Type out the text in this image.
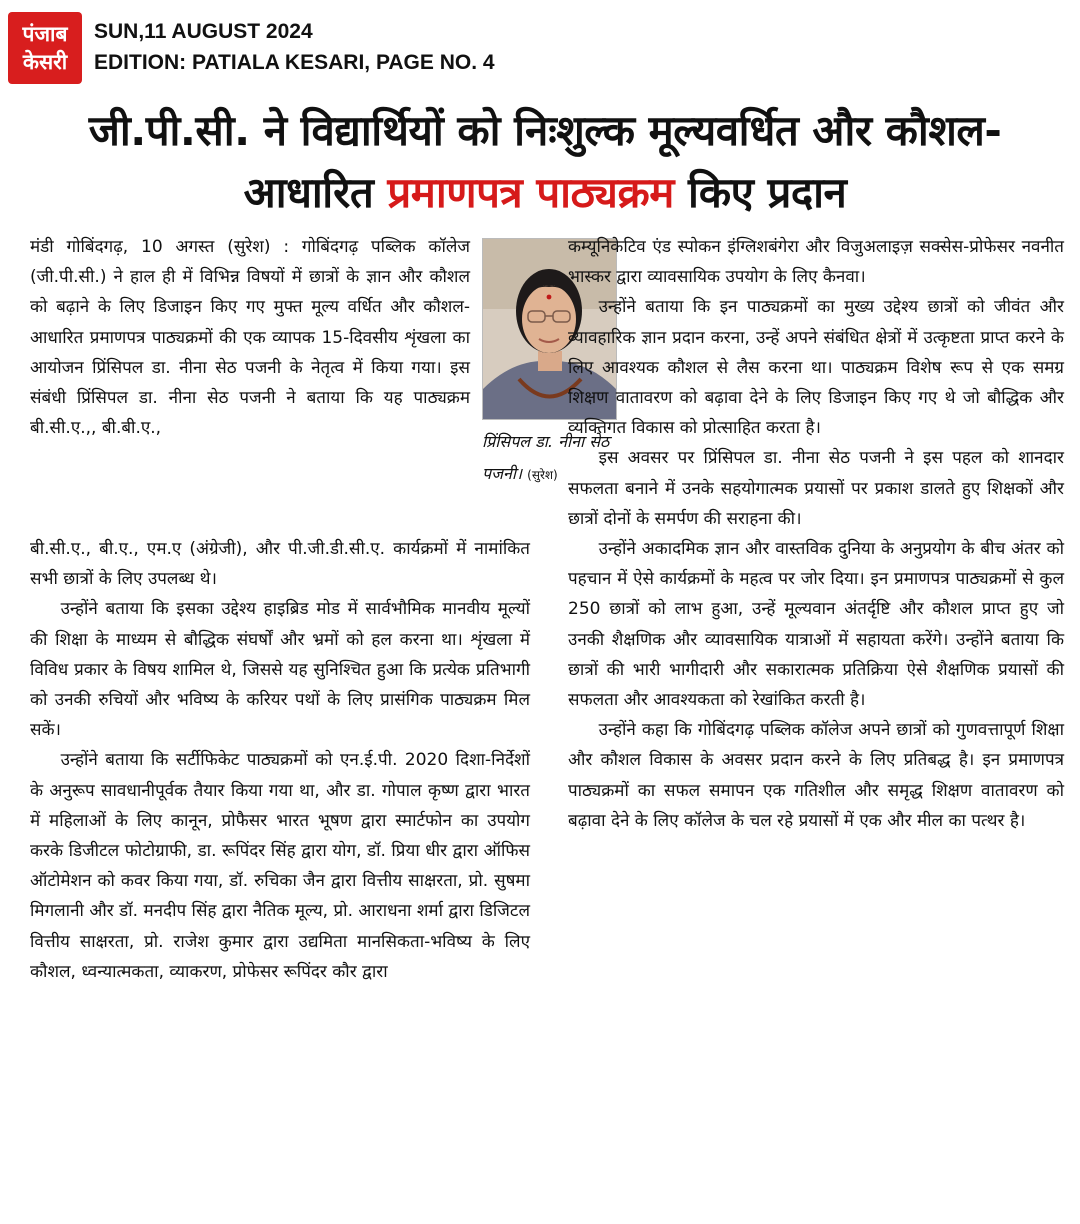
पंजाब
केसरी
SUN,11 AUGUST 2024
EDITION: PATIALA KESARI, PAGE NO. 4
जी.पी.सी. ने विद्यार्थियों को निःशुल्क मूल्यवर्धित और कौशल-आधारित प्रमाणपत्र पाठ्यक्रम किए प्रदान

मंडी गोबिंदगढ़, 10 अगस्त (सुरेश) : गोबिंदगढ़ पब्लिक कॉलेज (जी.पी.सी.) ने हाल ही में विभिन्न विषयों में छात्रों के ज्ञान और कौशल को बढ़ाने के लिए डिजाइन किए गए मुफ्त मूल्य वर्धित और कौशल-आधारित प्रमाणपत्र पाठ्यक्रमों की एक व्यापक 15-दिवसीय शृंखला का आयोजन प्रिंसिपल डा. नीना सेठ पजनी के नेतृत्व में किया गया। इस संबंधी प्रिंसिपल डा. नीना सेठ पजनी ने बताया कि यह पाठ्यक्रम बी.सी.ए.,, बी.बी.ए.,

प्रिंसिपल डा. नीना सेठ पजनी। (सुरेश)

बी.सी.ए., बी.ए., एम.ए (अंग्रेजी), और पी.जी.डी.सी.ए. कार्यक्रमों में नामांकित सभी छात्रों के लिए उपलब्ध थे।

उन्होंने बताया कि इसका उद्देश्य हाइब्रिड मोड में सार्वभौमिक मानवीय मूल्यों की शिक्षा के माध्यम से बौद्धिक संघर्षों और भ्रमों को हल करना था। शृंखला में विविध प्रकार के विषय शामिल थे, जिससे यह सुनिश्चित हुआ कि प्रत्येक प्रतिभागी को उनकी रुचियों और भविष्य के करियर पथों के लिए प्रासंगिक पाठ्यक्रम मिल सकें।

उन्होंने बताया कि सर्टीफिकेट पाठ्यक्रमों को एन.ई.पी. 2020 दिशा-निर्देशों के अनुरूप सावधानीपूर्वक तैयार किया गया था, और डा. गोपाल कृष्ण द्वारा भारत में महिलाओं के लिए कानून, प्रोफैसर भारत भूषण द्वारा स्मार्टफोन का उपयोग करके डिजीटल फोटोग्राफी, डा. रूपिंदर सिंह द्वारा योग, डॉ. प्रिया धीर द्वारा ऑफिस ऑटोमेशन को कवर किया गया, डॉ. रुचिका जैन द्वारा वित्तीय साक्षरता, प्रो. सुषमा मिगलानी और डॉ. मनदीप सिंह द्वारा नैतिक मूल्य, प्रो. आराधना शर्मा द्वारा डिजिटल वित्तीय साक्षरता, प्रो. राजेश कुमार द्वारा उद्यमिता मानसिकता-भविष्य के लिए कौशल, ध्वन्यात्मकता, व्याकरण, प्रोफेसर रूपिंदर कौर द्वारा

कम्यूनिकेटिव एंड स्पोकन इंग्लिशबंगेरा और विजुअलाइज़ सक्सेस-प्रोफेसर नवनीत भास्कर द्वारा व्यावसायिक उपयोग के लिए कैनवा।

उन्होंने बताया कि इन पाठ्यक्रमों का मुख्य उद्देश्य छात्रों को जीवंत और व्यावहारिक ज्ञान प्रदान करना, उन्हें अपने संबंधित क्षेत्रों में उत्कृष्टता प्राप्त करने के लिए आवश्यक कौशल से लैस करना था। पाठ्यक्रम विशेष रूप से एक समग्र शिक्षण वातावरण को बढ़ावा देने के लिए डिजाइन किए गए थे जो बौद्धिक और व्यक्तिगत विकास को प्रोत्साहित करता है।

इस अवसर पर प्रिंसिपल डा. नीना सेठ पजनी ने इस पहल को शानदार सफलता बनाने में उनके सहयोगात्मक प्रयासों पर प्रकाश डालते हुए शिक्षकों और छात्रों दोनों के समर्पण की सराहना की।

उन्होंने अकादमिक ज्ञान और वास्तविक दुनिया के अनुप्रयोग के बीच अंतर को पहचान में ऐसे कार्यक्रमों के महत्व पर जोर दिया। इन प्रमाणपत्र पाठ्यक्रमों से कुल 250 छात्रों को लाभ हुआ, उन्हें मूल्यवान अंतर्दृष्टि और कौशल प्राप्त हुए जो उनकी शैक्षणिक और व्यावसायिक यात्राओं में सहायता करेंगे। उन्होंने बताया कि छात्रों की भारी भागीदारी और सकारात्मक प्रतिक्रिया ऐसे शैक्षणिक प्रयासों की सफलता और आवश्यकता को रेखांकित करती है।

उन्होंने कहा कि गोबिंदगढ़ पब्लिक कॉलेज अपने छात्रों को गुणवत्तापूर्ण शिक्षा और कौशल विकास के अवसर प्रदान करने के लिए प्रतिबद्ध है। इन प्रमाणपत्र पाठ्यक्रमों का सफल समापन एक गतिशील और समृद्ध शिक्षण वातावरण को बढ़ावा देने के लिए कॉलेज के चल रहे प्रयासों में एक और मील का पत्थर है।
